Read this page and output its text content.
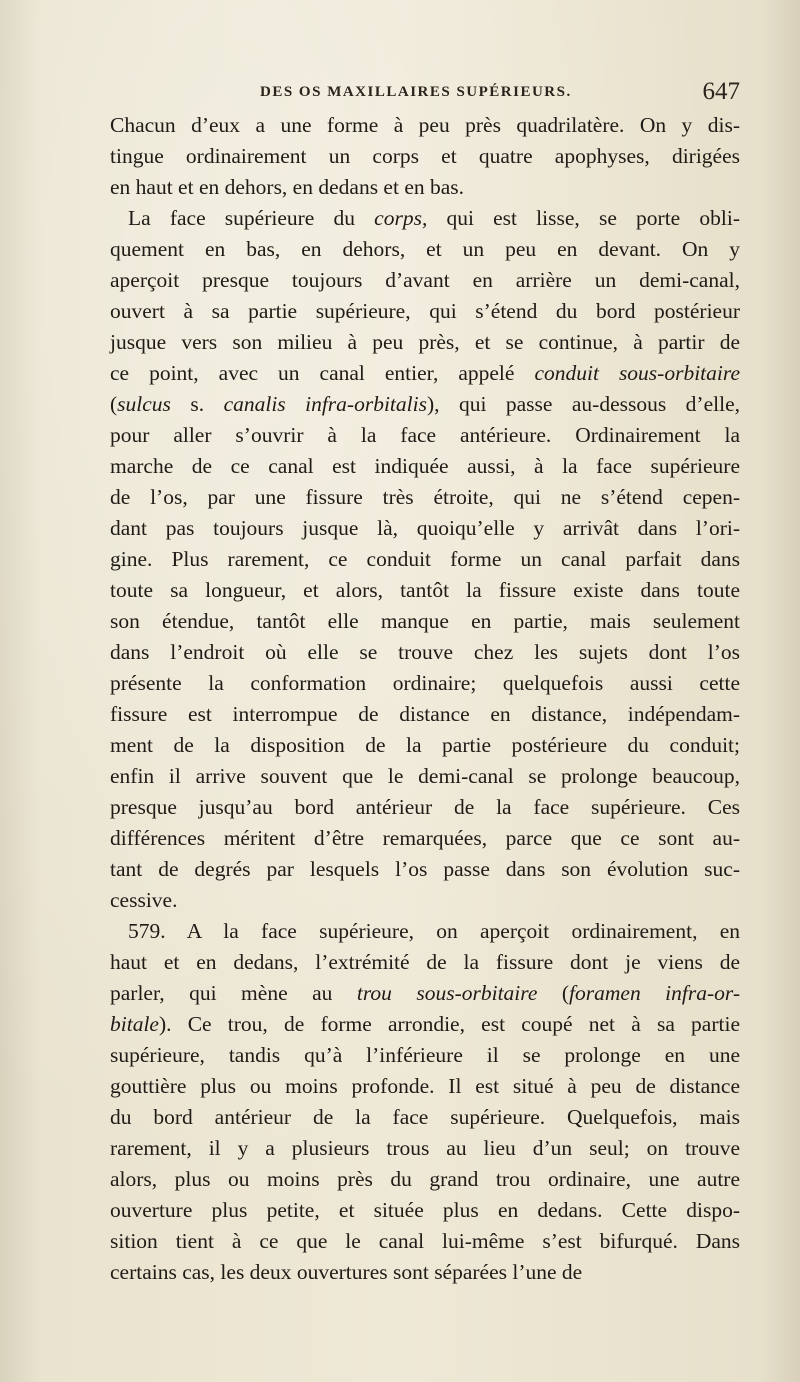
DES OS MAXILLAIRES SUPÉRIEURS.	647
Chacun d’eux a une forme à peu près quadrilatère. On y dis-
tingue ordinairement un corps et quatre apophyses, dirigées
en haut et en dehors, en dedans et en bas.
La face supérieure du corps, qui est lisse, se porte obli-
quement en bas, en dehors, et un peu en devant. On y
aperçoit presque toujours d’avant en arrière un demi-canal,
ouvert à sa partie supérieure, qui s’étend du bord postérieur
jusque vers son milieu à peu près, et se continue, à partir de
ce point, avec un canal entier, appelé conduit sous-orbitaire
(sulcus s. canalis infra-orbitalis), qui passe au-dessous d’elle,
pour aller s’ouvrir à la face antérieure. Ordinairement la
marche de ce canal est indiquée aussi, à la face supérieure
de l’os, par une fissure très étroite, qui ne s’étend cepen-
dant pas toujours jusque là, quoiqu’elle y arrivât dans l’ori-
gine. Plus rarement, ce conduit forme un canal parfait dans
toute sa longueur, et alors, tantôt la fissure existe dans toute
son étendue, tantôt elle manque en partie, mais seulement
dans l’endroit où elle se trouve chez les sujets dont l’os
présente la conformation ordinaire; quelquefois aussi cette
fissure est interrompue de distance en distance, indépendam-
ment de la disposition de la partie postérieure du conduit;
enfin il arrive souvent que le demi-canal se prolonge beaucoup,
presque jusqu’au bord antérieur de la face supérieure. Ces
différences méritent d’être remarquées, parce que ce sont au-
tant de degrés par lesquels l’os passe dans son évolution suc-
cessive.
579. A la face supérieure, on aperçoit ordinairement, en
haut et en dedans, l’extrémité de la fissure dont je viens de
parler, qui mène au trou sous-orbitaire (foramen infra-or-
bitale). Ce trou, de forme arrondie, est coupé net à sa partie
supérieure, tandis qu’à l’inférieure il se prolonge en une
gouttière plus ou moins profonde. Il est situé à peu de distance
du bord antérieur de la face supérieure. Quelquefois, mais
rarement, il y a plusieurs trous au lieu d’un seul; on trouve
alors, plus ou moins près du grand trou ordinaire, une autre
ouverture plus petite, et située plus en dedans. Cette dispo-
sition tient à ce que le canal lui-même s’est bifurqué. Dans
certains cas, les deux ouvertures sont séparées l’une de
